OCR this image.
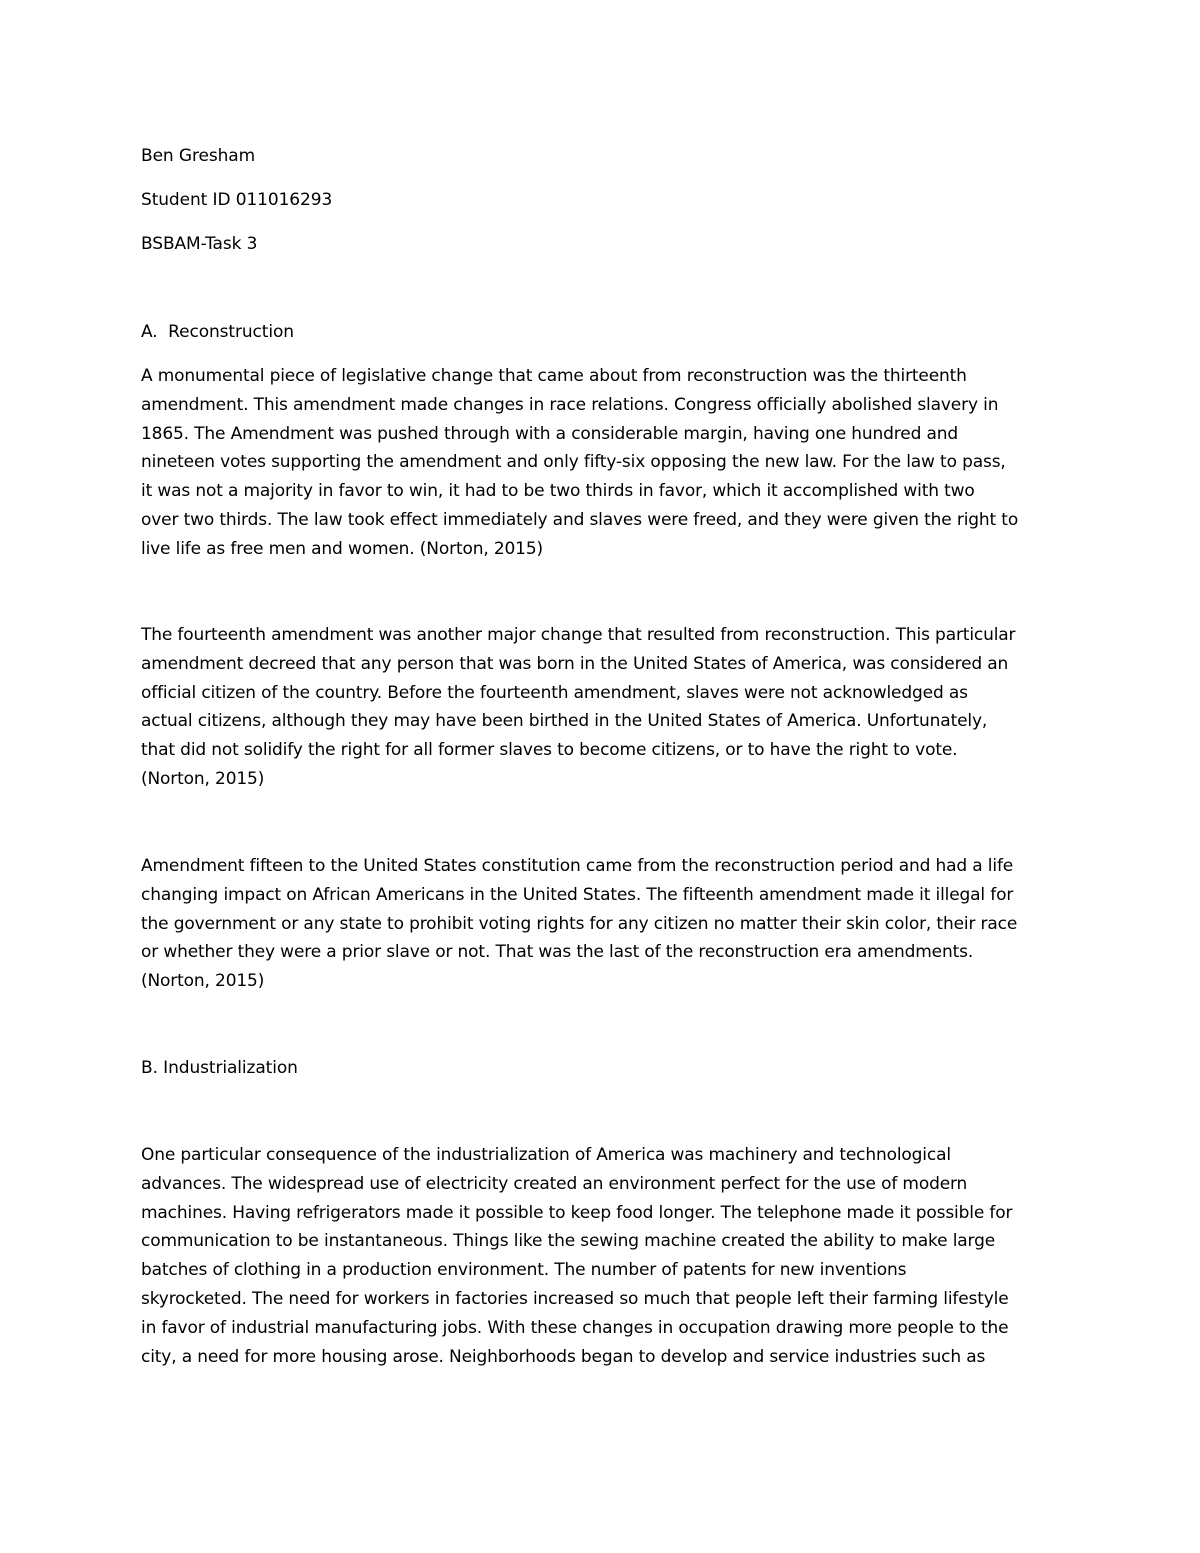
Ben Gresham

Student ID 011016293

BSBAM-Task 3

A.  Reconstruction

A monumental piece of legislative change that came about from reconstruction was the thirteenth
amendment. This amendment made changes in race relations. Congress officially abolished slavery in
1865. The Amendment was pushed through with a considerable margin, having one hundred and
nineteen votes supporting the amendment and only fifty-six opposing the new law. For the law to pass,
it was not a majority in favor to win, it had to be two thirds in favor, which it accomplished with two
over two thirds. The law took effect immediately and slaves were freed, and they were given the right to
live life as free men and women. (Norton, 2015)
The fourteenth amendment was another major change that resulted from reconstruction. This particular
amendment decreed that any person that was born in the United States of America, was considered an
official citizen of the country. Before the fourteenth amendment, slaves were not acknowledged as
actual citizens, although they may have been birthed in the United States of America. Unfortunately,
that did not solidify the right for all former slaves to become citizens, or to have the right to vote.
(Norton, 2015)
Amendment fifteen to the United States constitution came from the reconstruction period and had a life
changing impact on African Americans in the United States. The fifteenth amendment made it illegal for
the government or any state to prohibit voting rights for any citizen no matter their skin color, their race
or whether they were a prior slave or not. That was the last of the reconstruction era amendments.
(Norton, 2015)

B. Industrialization

One particular consequence of the industrialization of America was machinery and technological
advances. The widespread use of electricity created an environment perfect for the use of modern
machines. Having refrigerators made it possible to keep food longer. The telephone made it possible for
communication to be instantaneous. Things like the sewing machine created the ability to make large
batches of clothing in a production environment. The number of patents for new inventions
skyrocketed. The need for workers in factories increased so much that people left their farming lifestyle
in favor of industrial manufacturing jobs. With these changes in occupation drawing more people to the
city, a need for more housing arose. Neighborhoods began to develop and service industries such as
